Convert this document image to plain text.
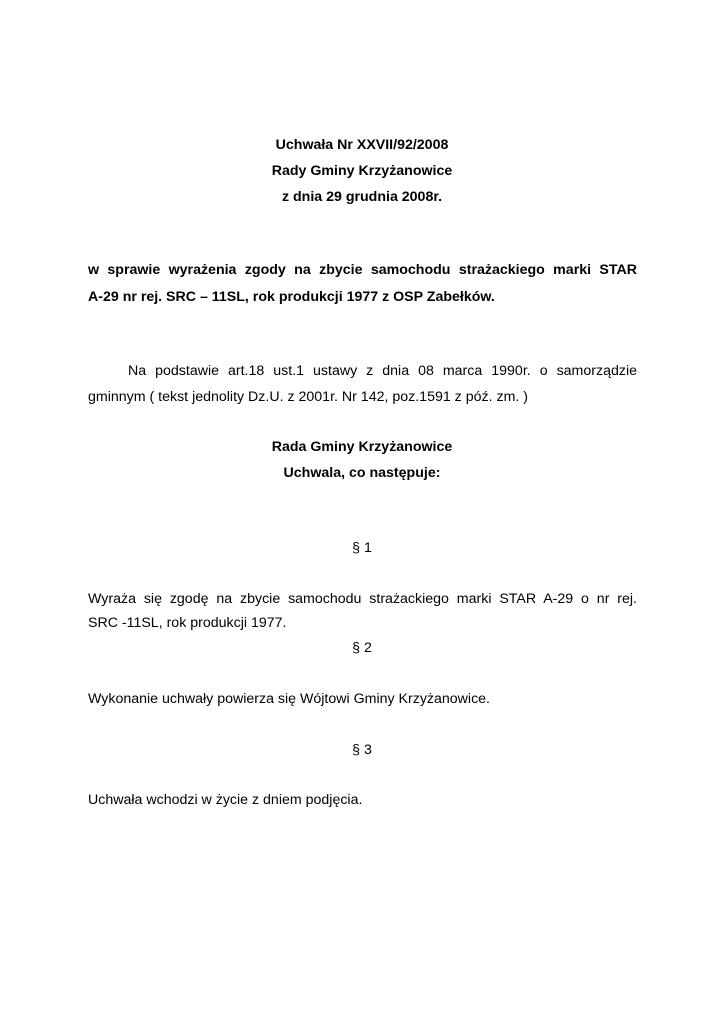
Uchwała Nr XXVII/92/2008
Rady Gminy Krzyżanowice
z dnia 29 grudnia 2008r.
w sprawie wyrażenia zgody na zbycie samochodu strażackiego marki STAR
A-29 nr rej. SRC – 11SL, rok produkcji 1977 z OSP Zabełków.
Na podstawie art.18 ust.1 ustawy z dnia 08 marca 1990r. o samorządzie
gminnym ( tekst jednolity Dz.U. z 2001r. Nr 142, poz.1591 z póź. zm. )
Rada Gminy Krzyżanowice
Uchwala, co następuje:
§ 1
Wyraża się zgodę na zbycie samochodu strażackiego marki STAR A-29 o nr rej.
SRC -11SL, rok produkcji 1977.
§ 2
Wykonanie uchwały powierza się Wójtowi Gminy Krzyżanowice.
§ 3
Uchwała wchodzi w życie z dniem podjęcia.
